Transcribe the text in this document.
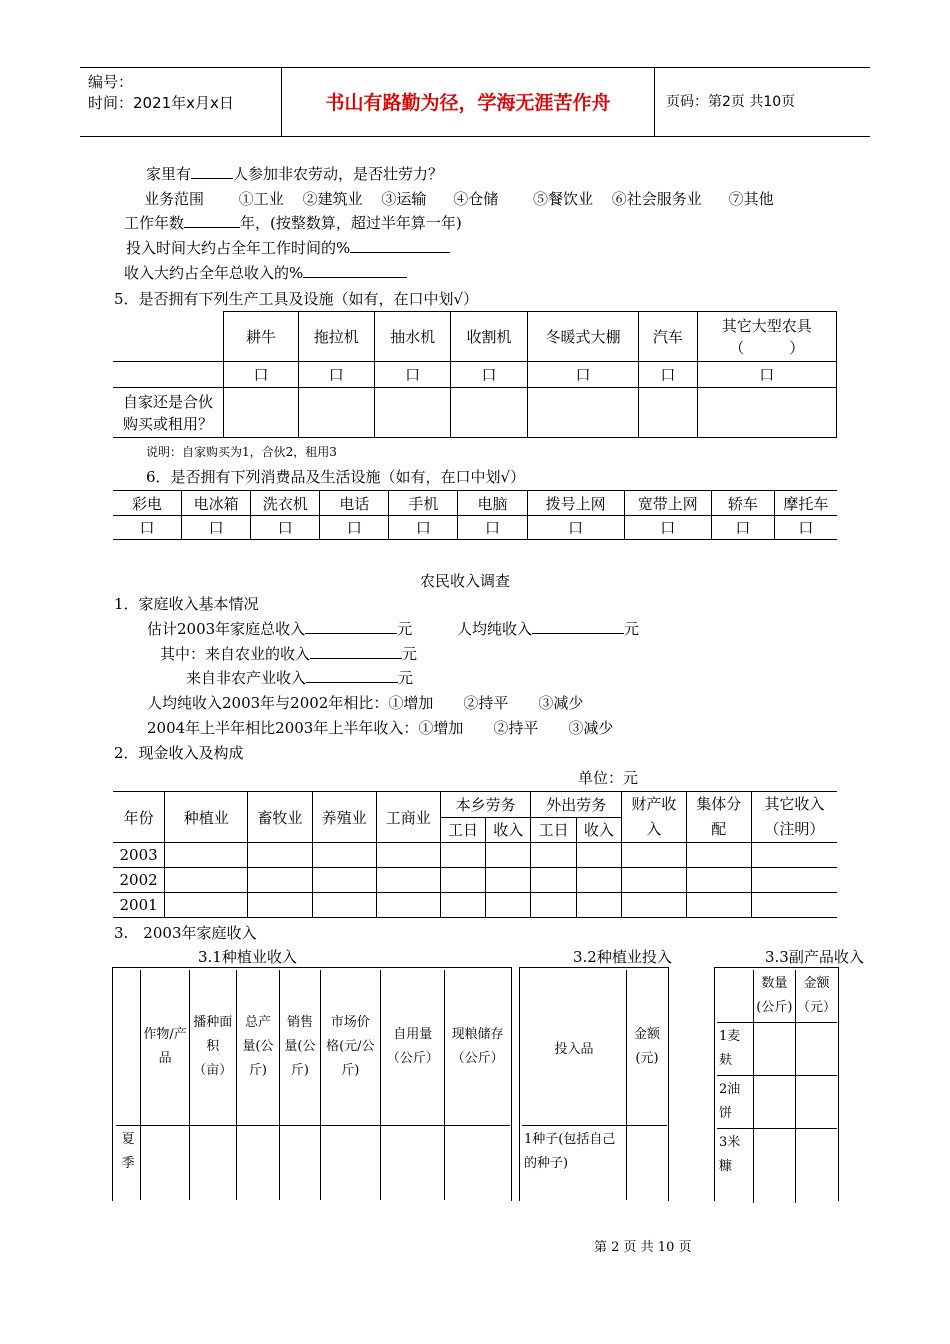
编号：
时间：2021年x月x日	书山有路勤为径，学海无涯苦作舟	页码：第2页 共10页
家里有	人参加非农劳动，是否壮劳力？
业务范围 ①工业 ②建筑业 ③运输 ④仓储 ⑤餐饮业 ⑥社会服务业 ⑦其他
工作年数	年，(按整数算，超过半年算一年)
投入时间大约占全年工作时间的%
收入大约占全年总收入的%
5．是否拥有下列生产工具及设施（如有，在口中划√）
	耕牛	拖拉机	抽水机	收割机	冬暖式大棚	汽车	其它大型农具（　　　）
	口	口	口	口	口	口	口
自家还是合伙购买或租用？							
说明：自家购买为1，合伙2，租用3
6．是否拥有下列消费品及生活设施（如有，在口中划√）
彩电	电冰箱	洗衣机	电话	手机	电脑	拨号上网	宽带上网	轿车	摩托车
口	口	口	口	口	口	口	口	口	口
农民收入调查
1．家庭收入基本情况
估计2003年家庭总收入	元	人均纯收入	元
其中：来自农业的收入	元
来自非农产业收入	元
人均纯收入2003年与2002年相比：①增加　　②持平　　③减少
2004年上半年相比2003年上半年收入：①增加　　②持平　　③减少
2．现金收入及构成
单位：元
年份	种植业	畜牧业	养殖业	工商业	本乡劳务		外出劳务		财产收入	集体分配	其它收入（注明）
					工日	收入	工日	收入			
2003											
2002											
2001											
3.　2003年家庭收入
3.1种植业收入	3.2种植业投入	3.3副产品收入
	作物/产品	播种面积（亩）	总产量(公斤)	销售量(公斤)	市场价格(元/公斤)	自用量（公斤）	现粮储存（公斤）
夏季							
投入品	金额(元)
1种子(包括自己的种子)	
	数量(公斤)	金额（元）
1麦麸		
2油饼		
3米糠		
第 2 页 共 10 页
